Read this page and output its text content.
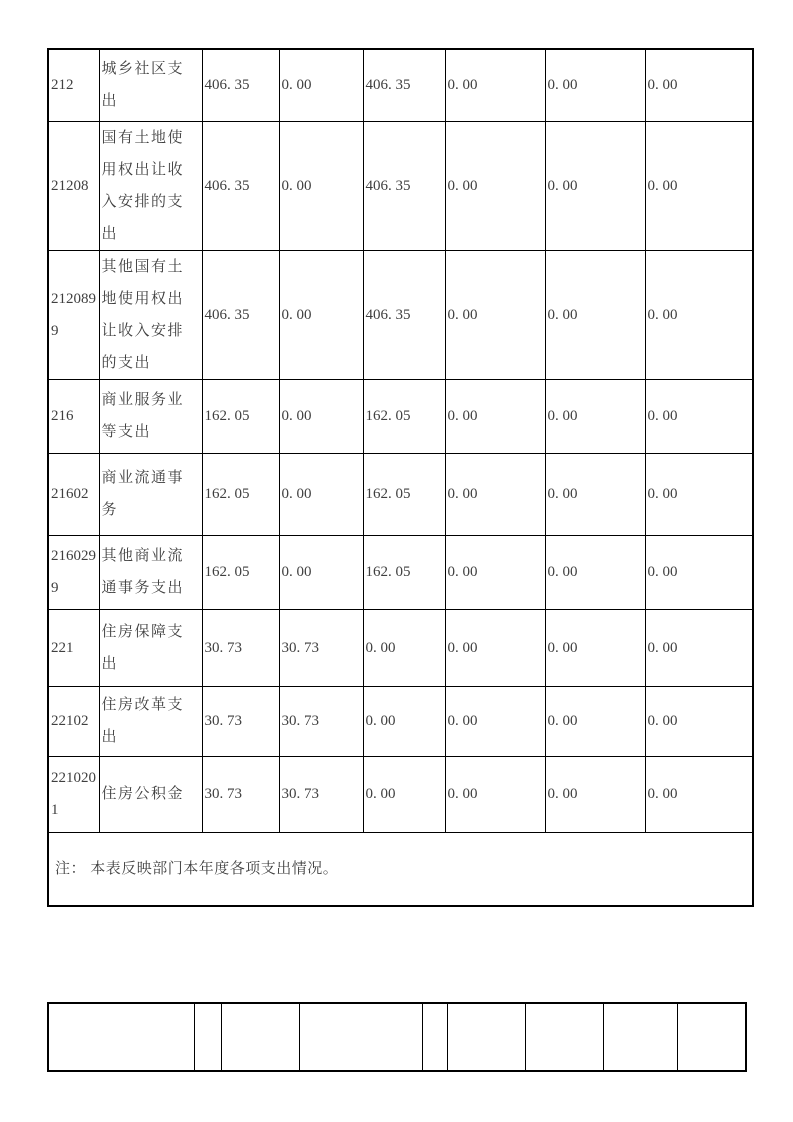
212	城乡社区支出	406. 35	0. 00	406. 35	0. 00	0. 00	0. 00
21208	国有土地使用权出让收入安排的支出	406. 35	0. 00	406. 35	0. 00	0. 00	0. 00
2120899	其他国有土地使用权出让收入安排的支出	406. 35	0. 00	406. 35	0. 00	0. 00	0. 00
216	商业服务业等支出	162. 05	0. 00	162. 05	0. 00	0. 00	0. 00
21602	商业流通事务	162. 05	0. 00	162. 05	0. 00	0. 00	0. 00
2160299	其他商业流通事务支出	162. 05	0. 00	162. 05	0. 00	0. 00	0. 00
221	住房保障支出	30. 73	30. 73	0. 00	0. 00	0. 00	0. 00
22102	住房改革支出	30. 73	30. 73	0. 00	0. 00	0. 00	0. 00
2210201	住房公积金	30. 73	30. 73	0. 00	0. 00	0. 00	0. 00
注： 本表反映部门本年度各项支出情况。							
